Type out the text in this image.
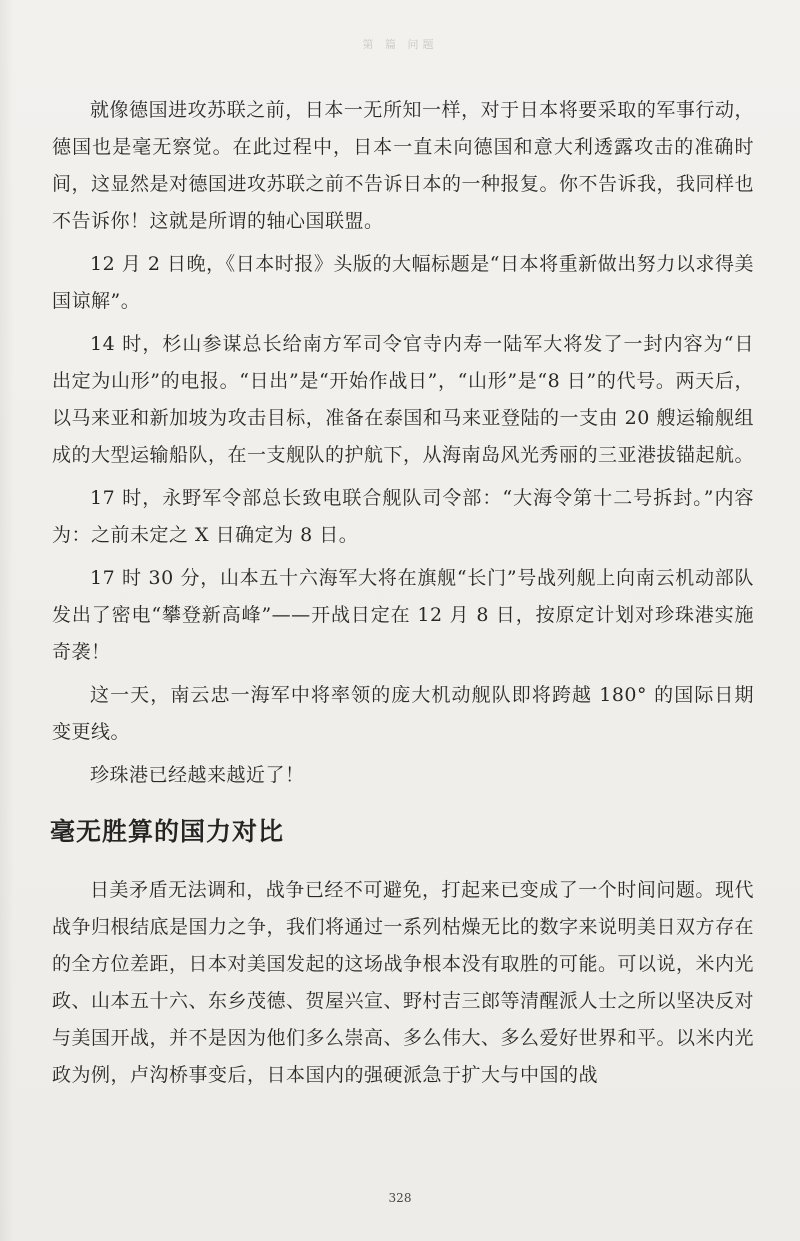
第 篇 问题

就像德国进攻苏联之前，日本一无所知一样，对于日本将要采取的军事行动，德国也是毫无察觉。在此过程中，日本一直未向德国和意大利透露攻击的准确时间，这显然是对德国进攻苏联之前不告诉日本的一种报复。你不告诉我，我同样也不告诉你！这就是所谓的轴心国联盟。

12 月 2 日晚，《日本时报》头版的大幅标题是“日本将重新做出努力以求得美国谅解”。

14 时，杉山参谋总长给南方军司令官寺内寿一陆军大将发了一封内容为“日出定为山形”的电报。“日出”是“开始作战日”，“山形”是“8 日”的代号。两天后，以马来亚和新加坡为攻击目标，准备在泰国和马来亚登陆的一支由 20 艘运输舰组成的大型运输船队，在一支舰队的护航下，从海南岛风光秀丽的三亚港拔锚起航。

17 时，永野军令部总长致电联合舰队司令部：“大海令第十二号拆封。”内容为：之前未定之 X 日确定为 8 日。

17 时 30 分，山本五十六海军大将在旗舰“长门”号战列舰上向南云机动部队发出了密电“攀登新高峰”——开战日定在 12 月 8 日，按原定计划对珍珠港实施奇袭！

这一天，南云忠一海军中将率领的庞大机动舰队即将跨越 180° 的国际日期变更线。

珍珠港已经越来越近了！

毫无胜算的国力对比

日美矛盾无法调和，战争已经不可避免，打起来已变成了一个时间问题。现代战争归根结底是国力之争，我们将通过一系列枯燥无比的数字来说明美日双方存在的全方位差距，日本对美国发起的这场战争根本没有取胜的可能。可以说，米内光政、山本五十六、东乡茂德、贺屋兴宣、野村吉三郎等清醒派人士之所以坚决反对与美国开战，并不是因为他们多么崇高、多么伟大、多么爱好世界和平。以米内光政为例，卢沟桥事变后，日本国内的强硬派急于扩大与中国的战

328
